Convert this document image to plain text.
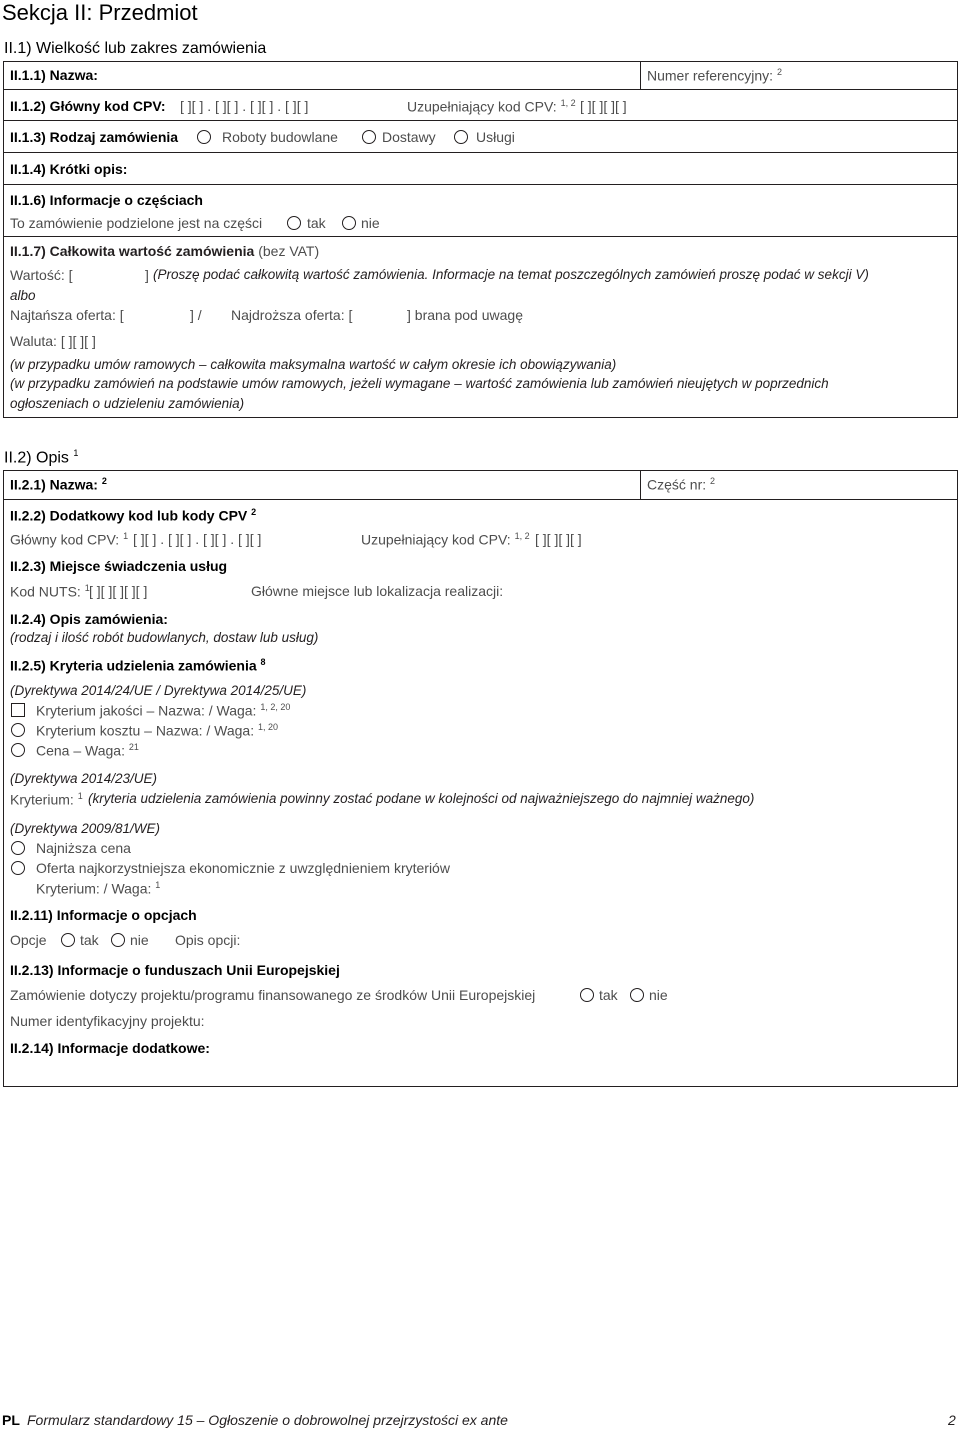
Sekcja II: Przedmiot
II.1) Wielkość lub zakres zamówienia
II.1.1) Nazwa:	Numer referencyjny: $^2$
II.1.2) Główny kod CPV: [ ][ ] . [ ][ ] . [ ][ ] . [ ][ ]	Uzupełniający kod CPV: $^{1, 2}$ [ ][ ][ ][ ]
II.1.3) Rodzaj zamówienia	Roboty budowlane	Dostawy	Usługi
II.1.4) Krótki opis:
II.1.6) Informacje o częściach
To zamówienie podzielone jest na części	tak	nie
II.1.7) Całkowita wartość zamówienia (bez VAT)
Wartość: [	] (Proszę podać całkowitą wartość zamówienia. Informacje na temat poszczególnych zamówień proszę podać w sekcji V)
albo
Najtańsza oferta: [	] / Najdroższa oferta: [	] brana pod uwagę
Waluta: [ ][ ][ ]
(w przypadku umów ramowych – całkowita maksymalna wartość w całym okresie ich obowiązywania)
(w przypadku zamówień na podstawie umów ramowych, jeżeli wymagane – wartość zamówienia lub zamówień nieujętych w poprzednich
ogłoszeniach o udzieleniu zamówienia)
II.2) Opis $^1$
II.2.1) Nazwa: $^2$	Część nr: $^2$
II.2.2) Dodatkowy kod lub kody CPV $^2$
Główny kod CPV: $^1$ [ ][ ] . [ ][ ] . [ ][ ] . [ ][ ]	Uzupełniający kod CPV: $^{1, 2}$ [ ][ ][ ][ ]
II.2.3) Miejsce świadczenia usług
Kod NUTS: $^1$ [ ][ ][ ][ ][ ]	Główne miejsce lub lokalizacja realizacji:
II.2.4) Opis zamówienia:
(rodzaj i ilość robót budowlanych, dostaw lub usług)
II.2.5) Kryteria udzielenia zamówienia $^8$
(Dyrektywa 2014/24/UE / Dyrektywa 2014/25/UE)
Kryterium jakości – Nazwa: / Waga: $^{1, 2, 20}$
Kryterium kosztu – Nazwa: / Waga: $^{1, 20}$
Cena – Waga: $^{21}$
(Dyrektywa 2014/23/UE)
Kryterium: $^1$ (kryteria udzielenia zamówienia powinny zostać podane w kolejności od najważniejszego do najmniej ważnego)
(Dyrektywa 2009/81/WE)
Najniższa cena
Oferta najkorzystniejsza ekonomicznie z uwzględnieniem kryteriów
Kryterium: / Waga: $^1$
II.2.11) Informacje o opcjach
Opcje tak nie Opis opcji:
II.2.13) Informacje o funduszach Unii Europejskiej
Zamówienie dotyczy projektu/programu finansowanego ze środków Unii Europejskiej	tak nie
Numer identyfikacyjny projektu:
II.2.14) Informacje dodatkowe:
PL Formularz standardowy 15 – Ogłoszenie o dobrowolnej przejrzystości ex ante	2
